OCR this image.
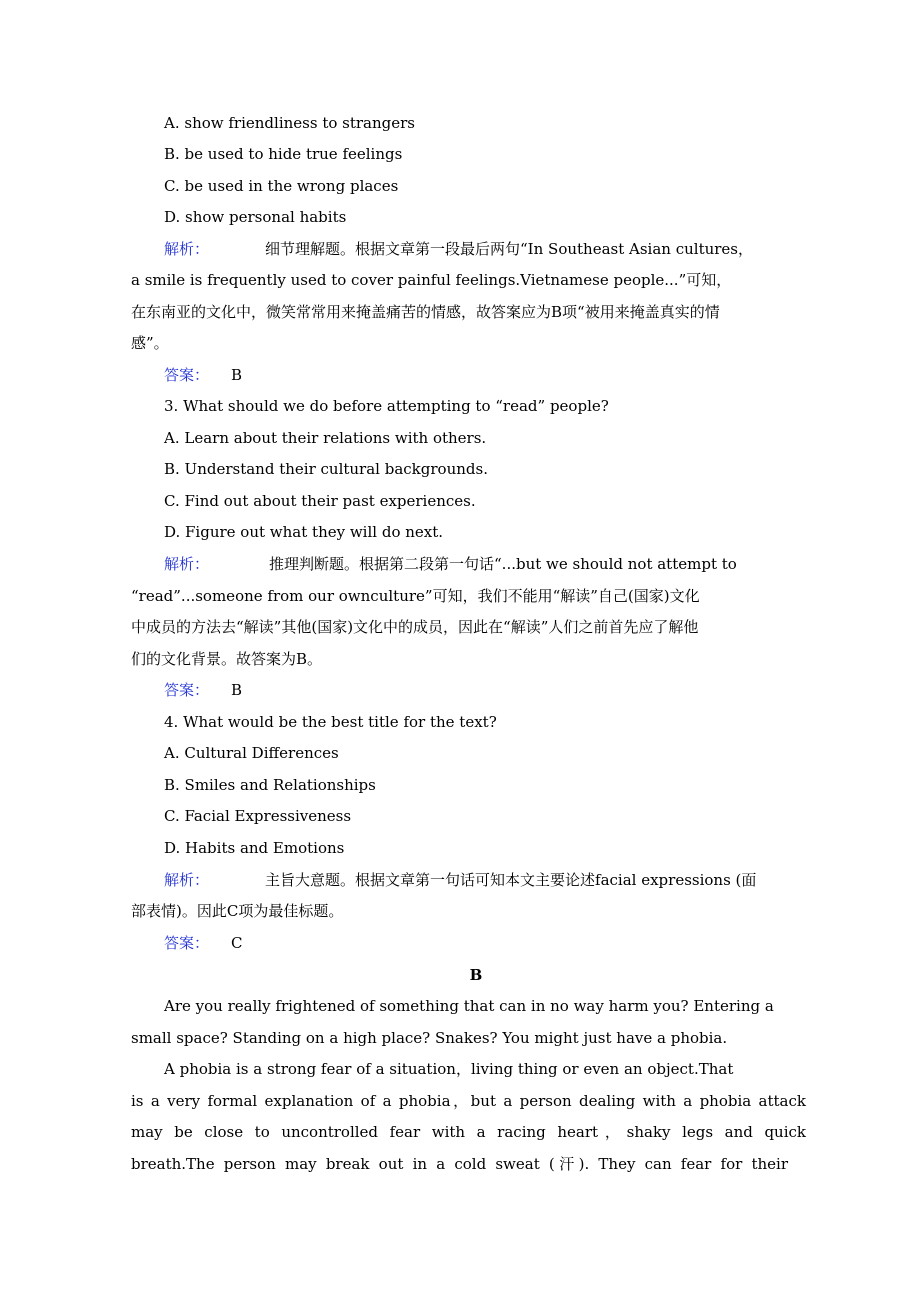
A. show friendliness to strangers
B. be used to hide true feelings
C. be used in the wrong places
D. show personal habits
解析：	细节理解题。根据文章第一段最后两句“In Southeast Asian cultures，
a smile is frequently used to cover painful feelings.Vietnamese people...”可知，
在东南亚的文化中，微笑常常用来掩盖痛苦的情感，故答案应为B项“被用来掩盖真实的情
感”。
答案： B
3. What should we do before attempting to “read” people?
A. Learn about their relations with others.
B. Understand their cultural backgrounds.
C. Find out about their past experiences.
D. Figure out what they will do next.
解析：	推理判断题。根据第二段第一句话“...but we should not attempt to
“read”...someone from our ownculture”可知，我们不能用“解读”自己(国家)文化
中成员的方法去“解读”其他(国家)文化中的成员，因此在“解读”人们之前首先应了解他
们的文化背景。故答案为B。
答案： B
4. What would be the best title for the text?
A. Cultural Differences
B. Smiles and Relationships
C. Facial Expressiveness
D. Habits and Emotions
解析：	主旨大意题。根据文章第一句话可知本文主要论述facial expressions (面
部表情)。因此C项为最佳标题。
答案： C
B
Are you really frightened of something that can in no way harm you? Entering a
small space? Standing on a high place? Snakes? You might just have a phobia.
A phobia is a strong fear of a situation，living thing or even an object.That
is a very formal explanation of a phobia，but a person dealing with a phobia attack
may be close to uncontrolled fear with a racing heart，shaky legs and quick
breath.The person may break out in a cold sweat (汗). They can fear for their
